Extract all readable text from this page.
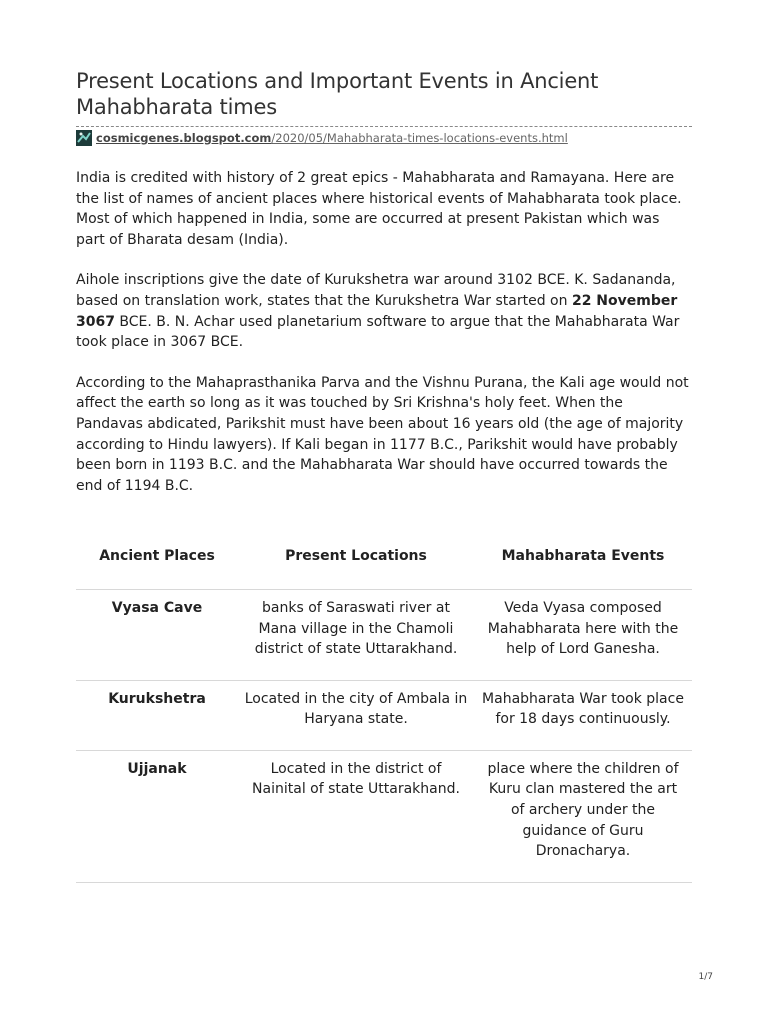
Present Locations and Important Events in Ancient Mahabharata times
cosmicgenes.blogspot.com /2020/05/Mahabharata-times-locations-events.html

India is credited with history of 2 great epics - Mahabharata and Ramayana. Here are the list of names of ancient places where historical events of Mahabharata took place. Most of which happened in India, some are occurred at present Pakistan which was part of Bharata desam (India).

Aihole inscriptions give the date of Kurukshetra war around 3102 BCE. K. Sadananda, based on translation work, states that the Kurukshetra War started on 22 November 3067 BCE. B. N. Achar used planetarium software to argue that the Mahabharata War took place in 3067 BCE.

According to the Mahaprasthanika Parva and the Vishnu Purana, the Kali age would not affect the earth so long as it was touched by Sri Krishna's holy feet. When the Pandavas abdicated, Parikshit must have been about 16 years old (the age of majority according to Hindu lawyers). If Kali began in 1177 B.C., Parikshit would have probably been born in 1193 B.C. and the Mahabharata War should have occurred towards the end of 1194 B.C.

Ancient Places	Present Locations	Mahabharata Events
Vyasa Cave	banks of Saraswati river at Mana village in the Chamoli district of state Uttarakhand.	Veda Vyasa composed Mahabharata here with the help of Lord Ganesha.
Kurukshetra	Located in the city of Ambala in Haryana state.	Mahabharata War took place for 18 days continuously.
Ujjanak	Located in the district of Nainital of state Uttarakhand.	place where the children of Kuru clan mastered the art of archery under the guidance of Guru Dronacharya.
1/7
